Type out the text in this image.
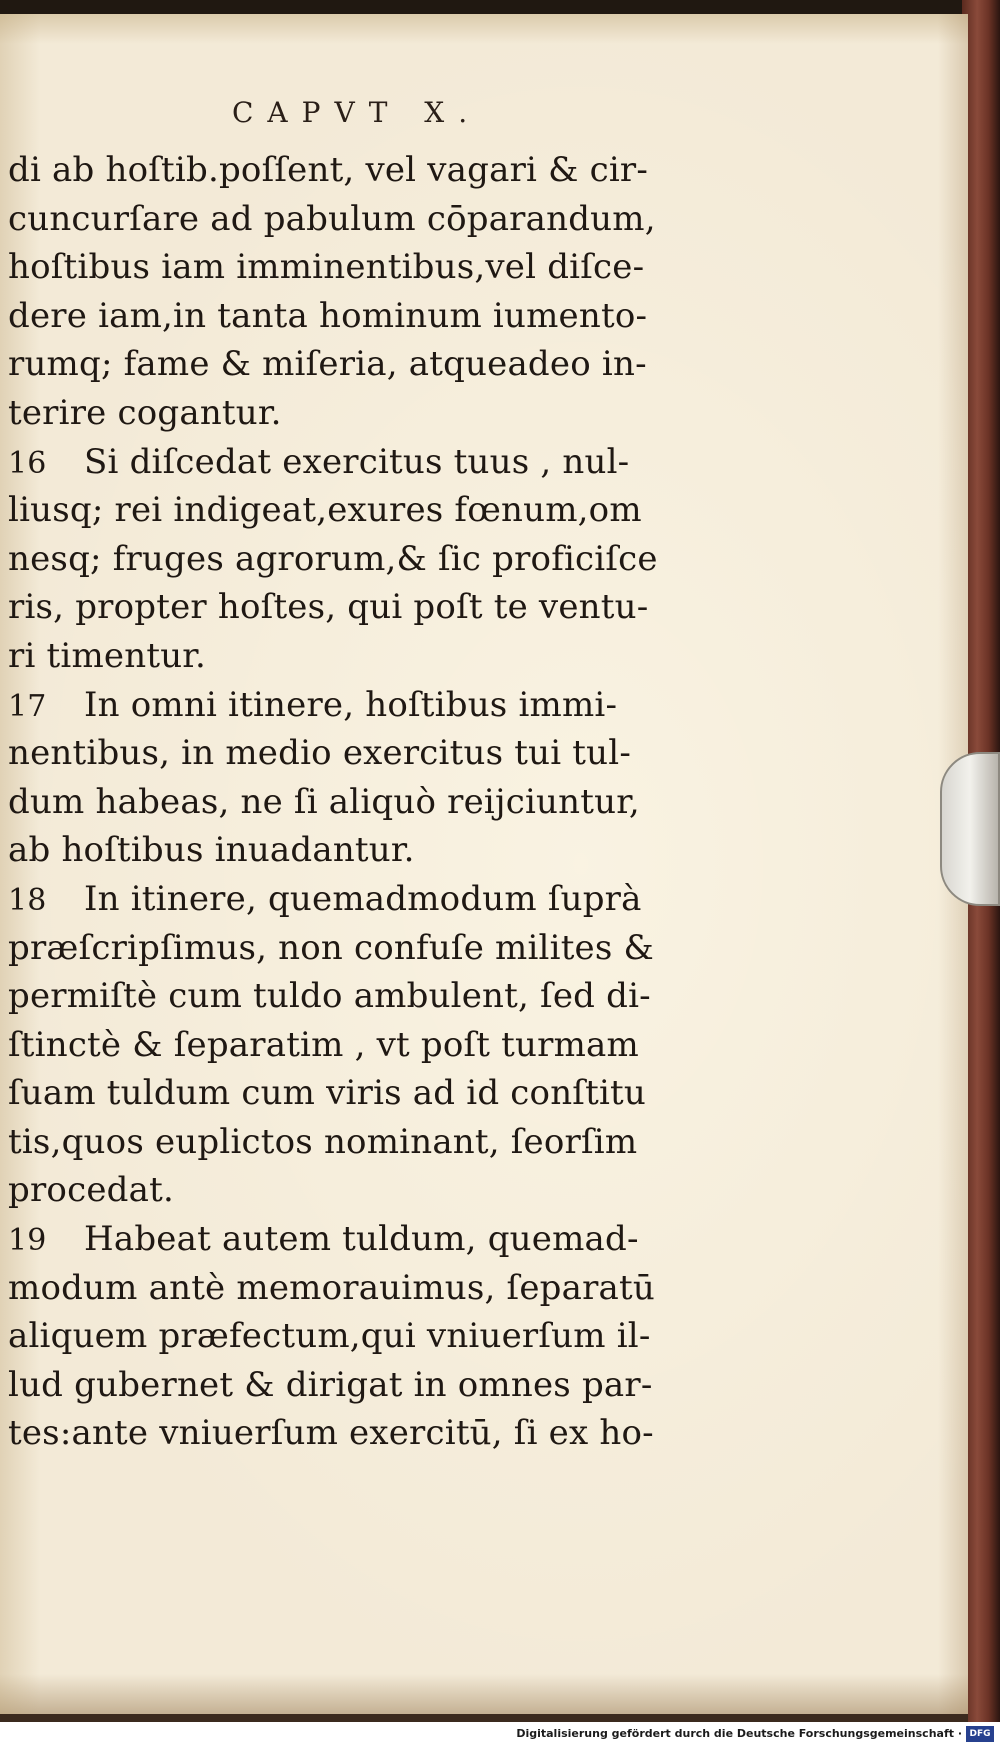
CAPVT X.
di ab hoſtib.poſſent, vel vagari & cir-
cuncurſare ad pabulum cōparandum,
hoſtibus iam imminentibus,vel diſce-
dere iam,in tanta hominum iumento-
rumq; fame & miſeria, atqueadeo in-
terire cogantur.
16 Si diſcedat exercitus tuus , nul-
liusq; rei indigeat,exures fœnum,om
nesq; fruges agrorum,& ſic proficiſce
ris, propter hoſtes, qui poſt te ventu-
ri timentur.
17 In omni itinere, hoſtibus immi-
nentibus, in medio exercitus tui tul-
dum habeas, ne ſi aliquò reijciuntur,
ab hoſtibus inuadantur.
18 In itinere, quemadmodum ſuprà
præſcripſimus, non confuſe milites &
permiſtè cum tuldo ambulent, ſed di-
ſtinctè & ſeparatim , vt poſt turmam
ſuam tuldum cum viris ad id conſtitu
tis,quos euplictos nominant, ſeorſim
procedat.
19 Habeat autem tuldum, quemad-
modum antè memorauimus, ſeparatū
aliquem præfectum,qui vniuerſum il-
lud gubernet & dirigat in omnes par-
tes:ante vniuerſum exercitū, ſi ex ho-
Digitalisierung gefördert durch die Deutsche Forschungsgemeinschaft · DFG
